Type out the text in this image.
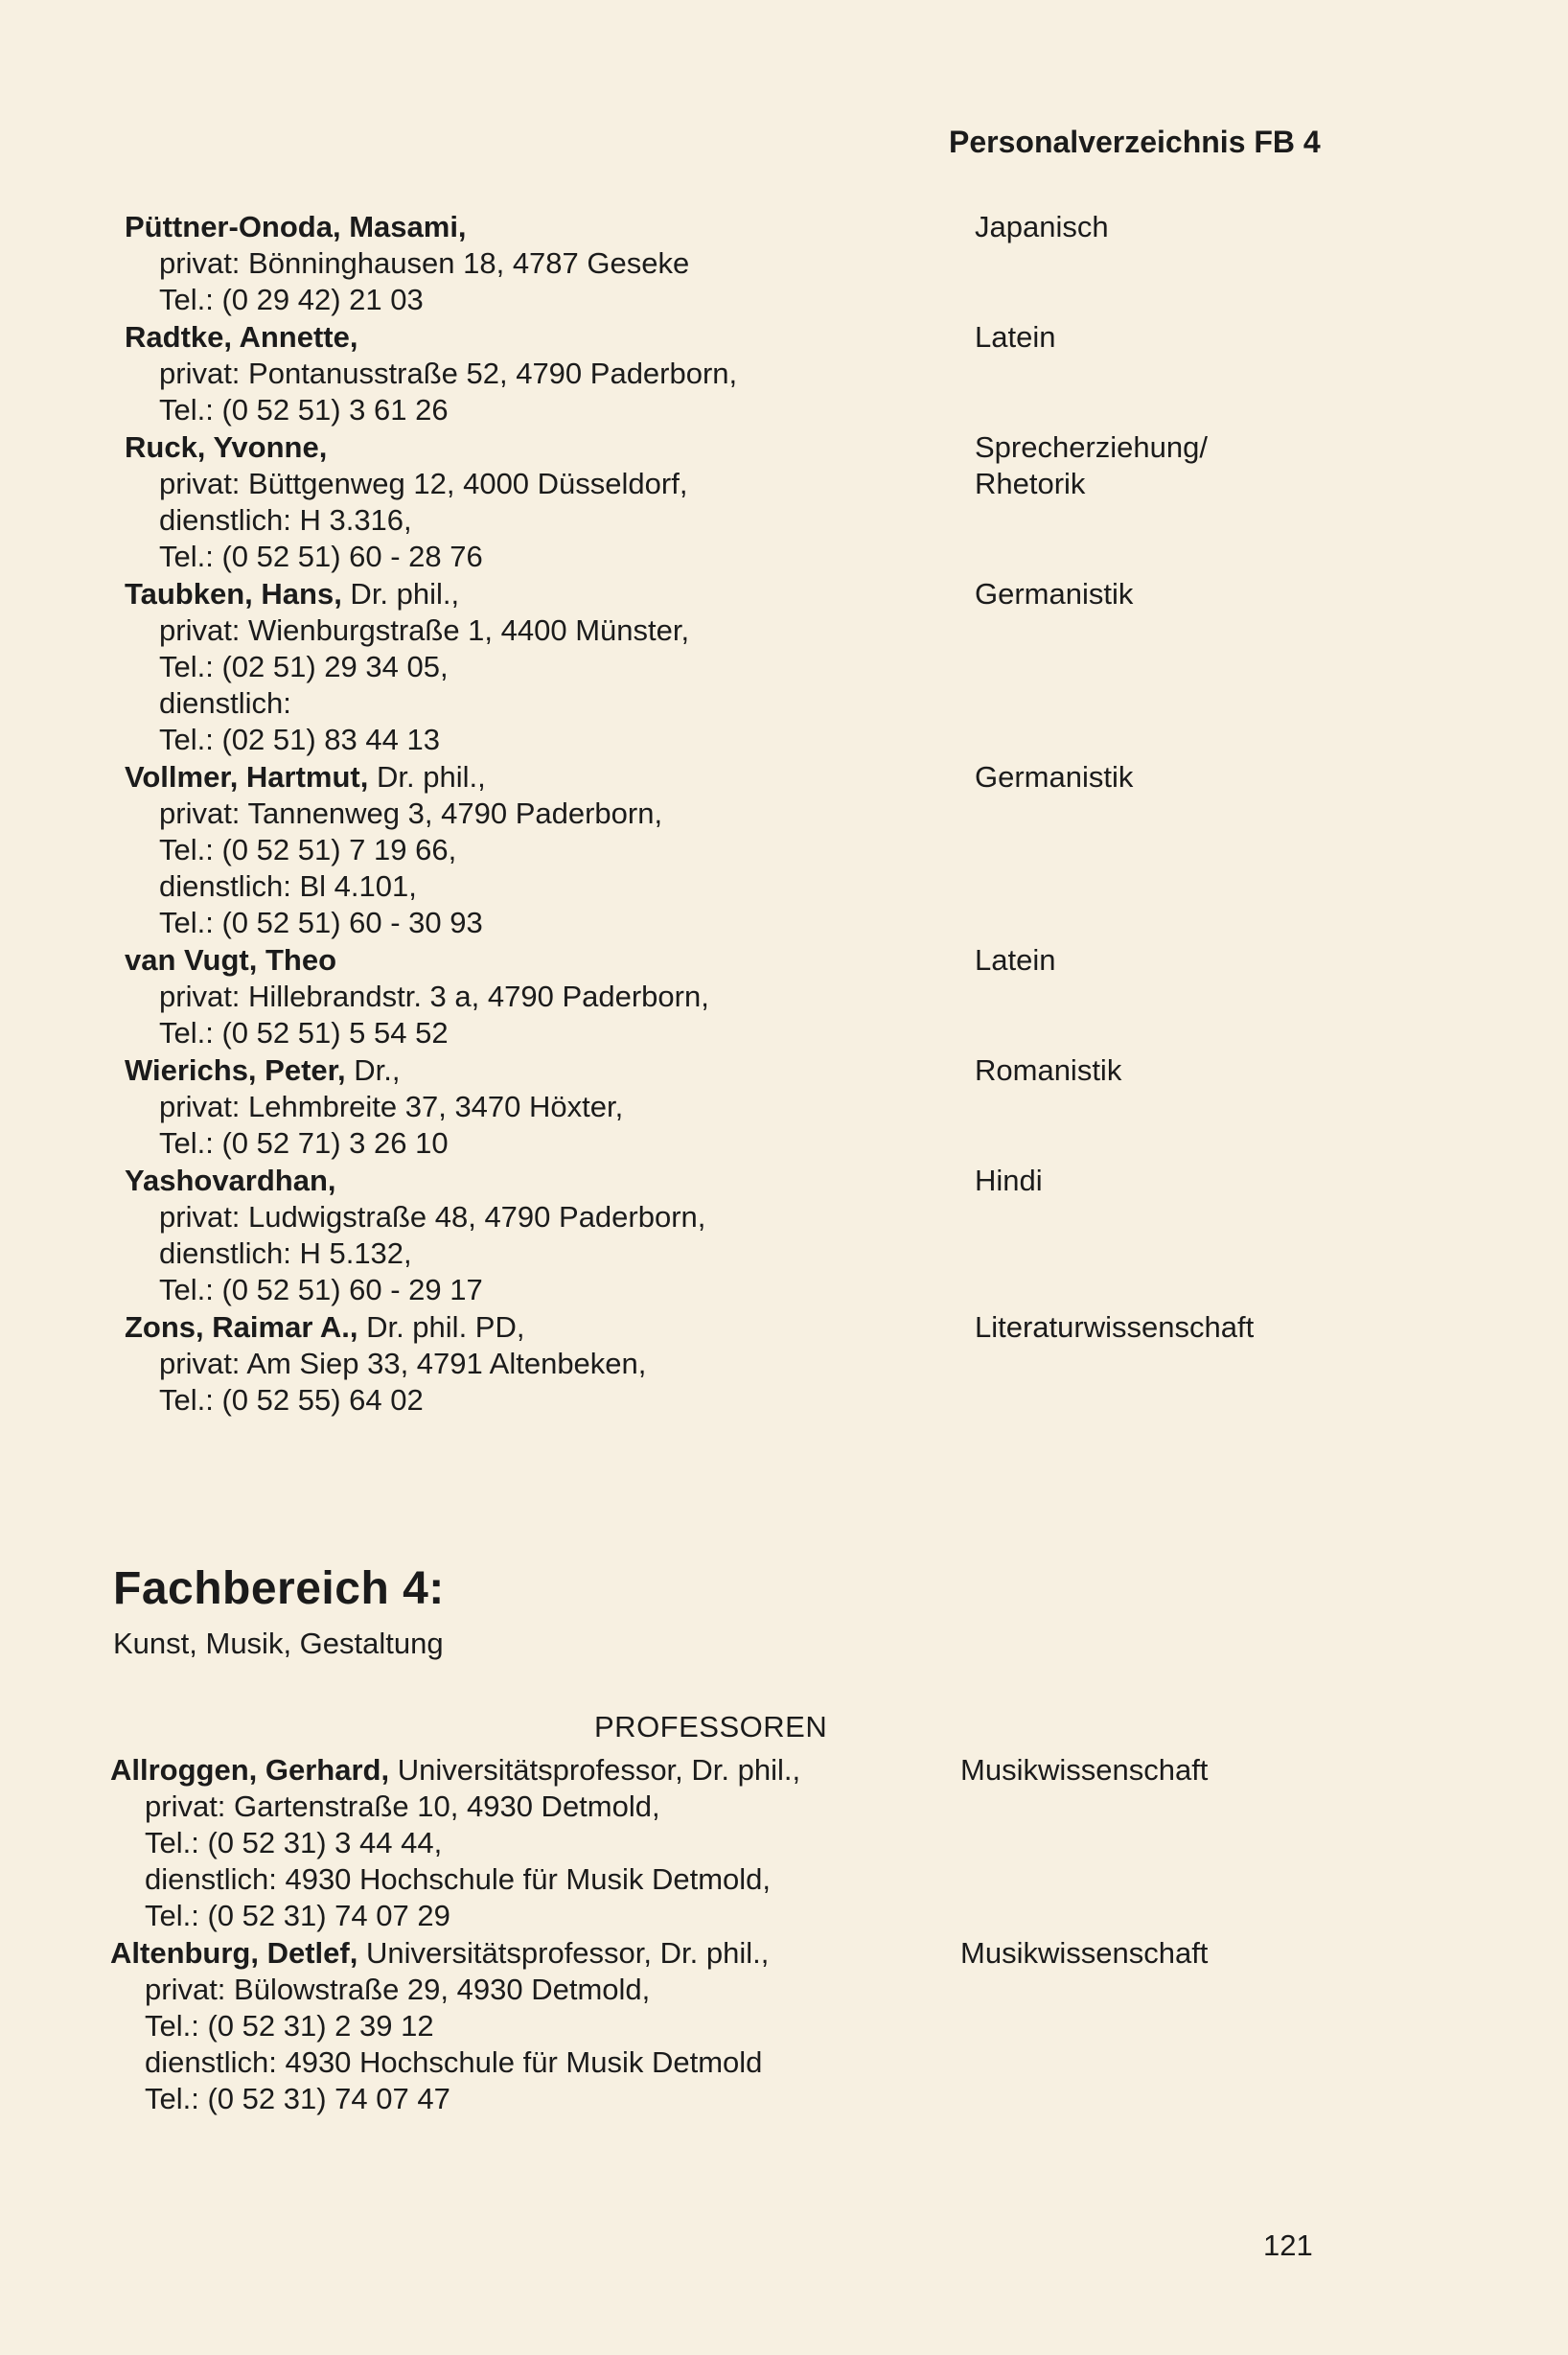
Personalverzeichnis FB 4
Püttner-Onoda, Masami,
privat: Bönninghausen 18, 4787 Geseke
Tel.: (0 29 42) 21 03
Japanisch
Radtke, Annette,
privat: Pontanusstraße 52, 4790 Paderborn,
Tel.: (0 52 51) 3 61 26
Latein
Ruck, Yvonne,
privat: Büttgenweg 12, 4000 Düsseldorf,
dienstlich: H 3.316,
Tel.: (0 52 51) 60 - 28 76
Sprecherziehung/
Rhetorik
Taubken, Hans, Dr. phil.,
privat: Wienburgstraße 1, 4400 Münster,
Tel.: (02 51) 29 34 05,
dienstlich:
Tel.: (02 51) 83 44 13
Germanistik
Vollmer, Hartmut, Dr. phil.,
privat: Tannenweg 3, 4790 Paderborn,
Tel.: (0 52 51) 7 19 66,
dienstlich: Bl 4.101,
Tel.: (0 52 51) 60 - 30 93
Germanistik
van Vugt, Theo
privat: Hillebrandstr. 3 a, 4790 Paderborn,
Tel.: (0 52 51) 5 54 52
Latein
Wierichs, Peter, Dr.,
privat: Lehmbreite 37, 3470 Höxter,
Tel.: (0 52 71) 3 26 10
Romanistik
Yashovardhan,
privat: Ludwigstraße 48, 4790 Paderborn,
dienstlich: H 5.132,
Tel.: (0 52 51) 60 - 29 17
Hindi
Zons, Raimar A., Dr. phil. PD,
privat: Am Siep 33, 4791 Altenbeken,
Tel.: (0 52 55) 64 02
Literaturwissenschaft
Fachbereich 4:
Kunst, Musik, Gestaltung
PROFESSOREN
Allroggen, Gerhard, Universitätsprofessor, Dr. phil.,
privat: Gartenstraße 10, 4930 Detmold,
Tel.: (0 52 31) 3 44 44,
dienstlich: 4930 Hochschule für Musik Detmold,
Tel.: (0 52 31) 74 07 29
Musikwissenschaft
Altenburg, Detlef, Universitätsprofessor, Dr. phil.,
privat: Bülowstraße 29, 4930 Detmold,
Tel.: (0 52 31) 2 39 12
dienstlich: 4930 Hochschule für Musik Detmold
Tel.: (0 52 31) 74 07 47
Musikwissenschaft
121
